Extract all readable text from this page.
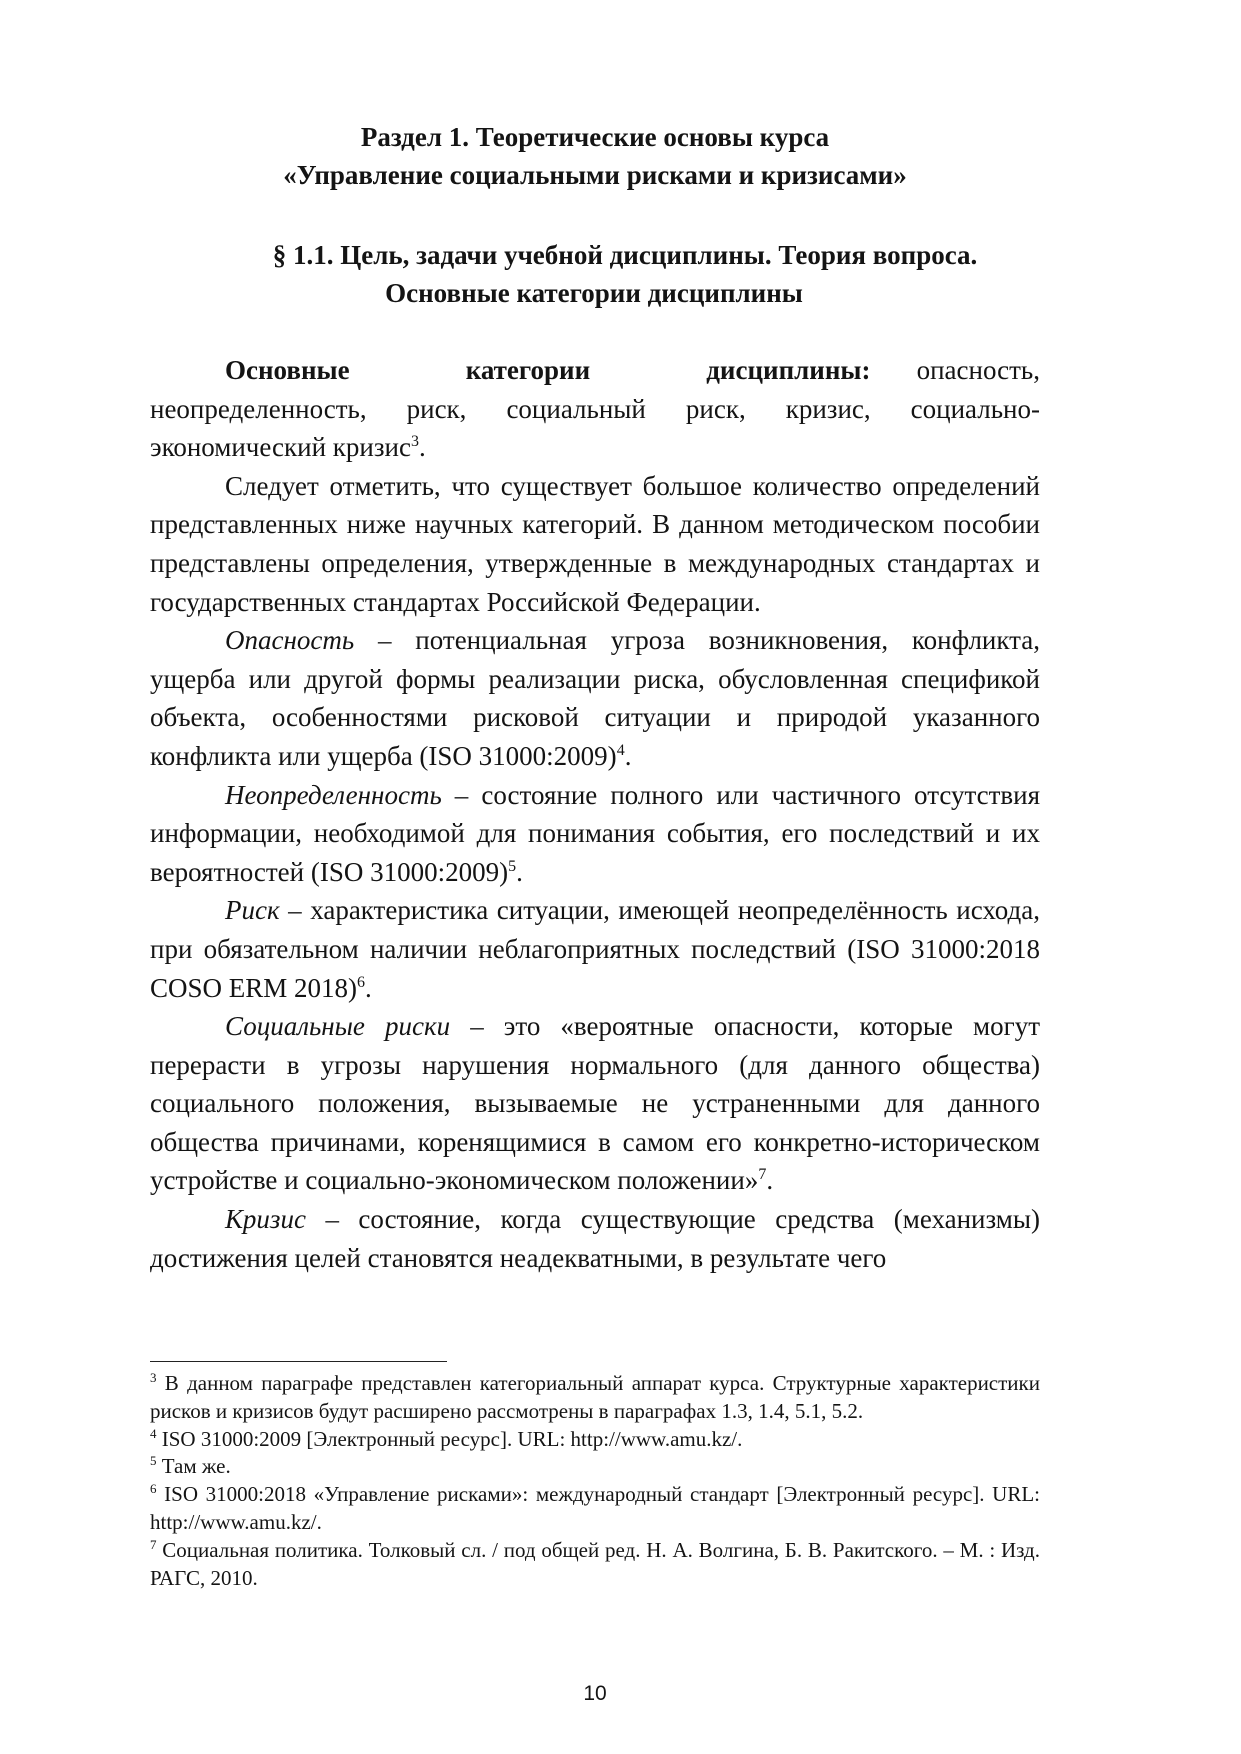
Раздел 1. Теоретические основы курса
«Управление социальными рисками и кризисами»
§ 1.1. Цель, задачи учебной дисциплины. Теория вопроса.
Основные категории дисциплины

Основные категории дисциплины: опасность, неопределенность, риск, социальный риск, кризис, социально-экономический кризис$^3$.

Следует отметить, что существует большое количество определений представленных ниже научных категорий. В данном методическом пособии представлены определения, утвержденные в международных стандартах и государственных стандартах Российской Федерации.

Опасность – потенциальная угроза возникновения, конфликта, ущерба или другой формы реализации риска, обусловленная спецификой объекта, особенностями рисковой ситуации и природой указанного конфликта или ущерба (ISO 31000:2009)$^4$.

Неопределенность – состояние полного или частичного отсутствия информации, необходимой для понимания события, его последствий и их вероятностей (ISO 31000:2009)$^5$.

Риск – характеристика ситуации, имеющей неопределённость исхода, при обязательном наличии неблагоприятных последствий (ISO 31000:2018 COSO ERM 2018)$^6$.

Социальные риски – это «вероятные опасности, которые могут перерасти в угрозы нарушения нормального (для данного общества) социального положения, вызываемые не устраненными для данного общества причинами, коренящимися в самом его конкретно-историческом устройстве и социально-экономическом положении»$^7$.

Кризис – состояние, когда существующие средства (механизмы) достижения целей становятся неадекватными, в результате чего

$^3$ В данном параграфе представлен категориальный аппарат курса. Структурные характеристики рисков и кризисов будут расширено рассмотрены в параграфах 1.3, 1.4, 5.1, 5.2.

$^4$ ISO 31000:2009 [Электронный ресурс]. URL: http://www.amu.kz/.

$^5$ Там же.

$^6$ ISO 31000:2018 «Управление рисками»: международный стандарт [Электронный ресурс]. URL: http://www.amu.kz/.

$^7$ Социальная политика. Толковый сл. / под общей ред. Н. А. Волгина, Б. В. Ракитского. – М. : Изд. РАГС, 2010.

10
